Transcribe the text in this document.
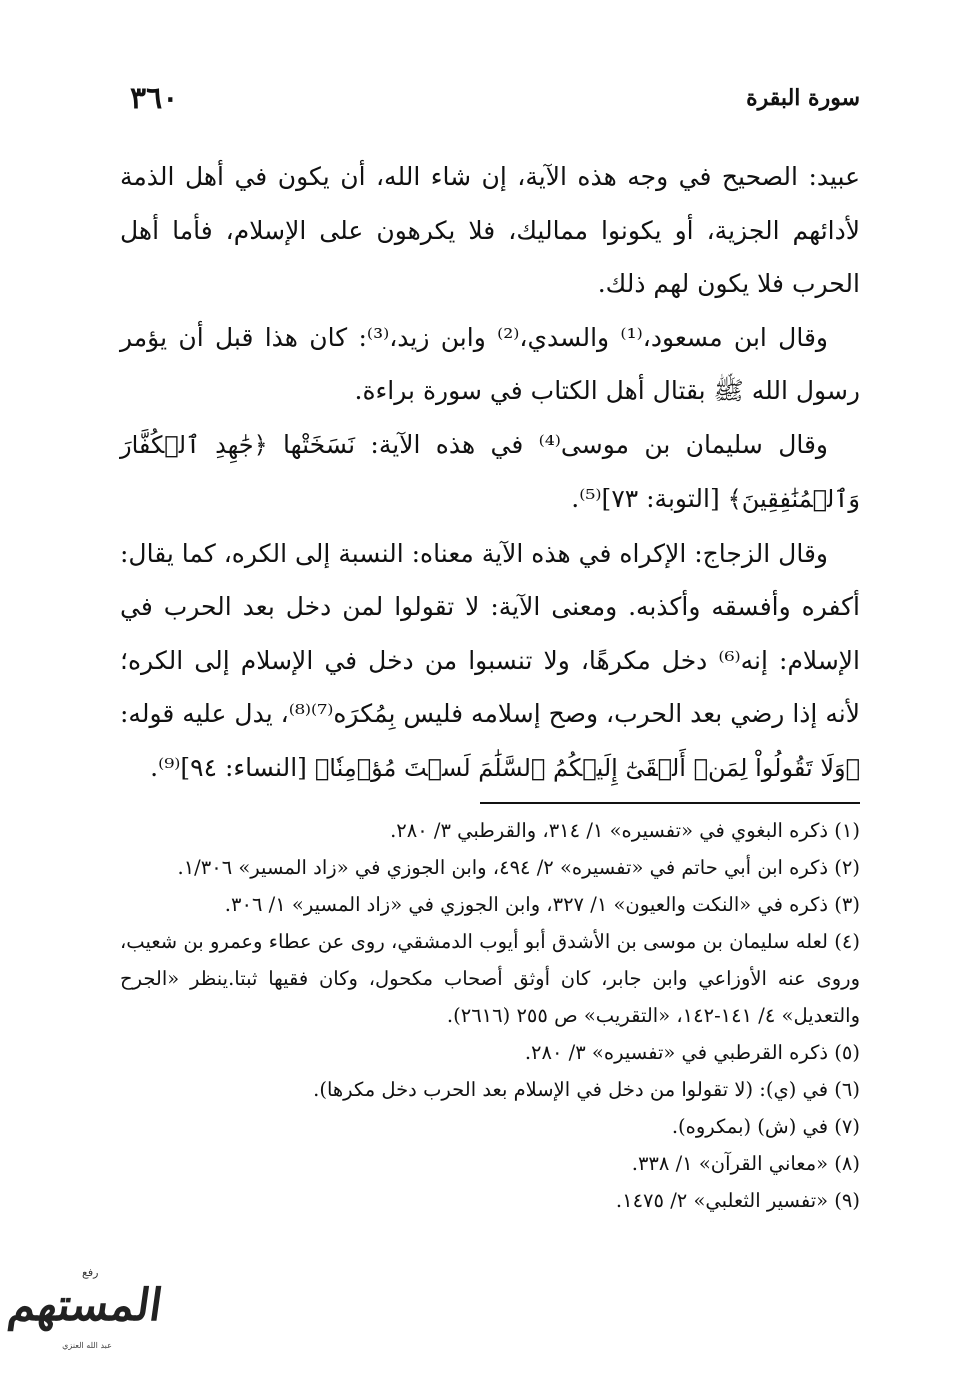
٣٦٠	سورة البقرة

عبيد: الصحيح في وجه هذه الآية، إن شاء الله، أن يكون في أهل الذمة لأدائهم الجزية، أو يكونوا مماليك، فلا يكرهون على الإسلام، فأما أهل الحرب فلا يكون لهم ذلك.

وقال ابن مسعود،⁽¹⁾ والسدي،⁽²⁾ وابن زيد،⁽³⁾: كان هذا قبل أن يؤمر رسول الله ﷺ بقتال أهل الكتاب في سورة براءة.

وقال سليمان بن موسى⁽⁴⁾ في هذه الآية: نَسَخَتْها ﴿جَٰهِدِ ٱلۡكُفَّارَ وَٱلۡمُنَٰفِقِينَ﴾ [التوبة: ٧٣]⁽⁵⁾.

وقال الزجاج: الإكراه في هذه الآية معناه: النسبة إلى الكره، كما يقال: أكفره وأفسقه وأكذبه. ومعنى الآية: لا تقولوا لمن دخل بعد الحرب في الإسلام: إنه⁽⁶⁾ دخل مكرهًا، ولا تنسبوا من دخل في الإسلام إلى الكره؛ لأنه إذا رضي بعد الحرب، وصح إسلامه فليس بِمُكرَه⁽⁷⁾⁽⁸⁾، يدل عليه قوله: ﴿وَلَا تَقُولُواْ لِمَنۡ أَلۡقَىٰٓ إِلَيۡكُمُ ٱلسَّلَٰمَ لَسۡتَ مُؤۡمِنٗا﴾ [النساء: ٩٤]⁽⁹⁾.

(١) ذكره البغوي في «تفسيره» ١/ ٣١٤، والقرطبي ٣/ ٢٨٠.

(٢) ذكره ابن أبي حاتم في «تفسيره» ٢/ ٤٩٤، وابن الجوزي في «زاد المسير» ١/٣٠٦.

(٣) ذكره في «النكت والعيون» ١/ ٣٢٧، وابن الجوزي في «زاد المسير» ١/ ٣٠٦.

(٤) لعله سليمان بن موسى بن الأشدق أبو أيوب الدمشقي، روى عن عطاء وعمرو بن شعيب، وروى عنه الأوزاعي وابن جابر، كان أوثق أصحاب مكحول، وكان فقيها ثبتا.ينظر «الجرح والتعديل» ٤/ ١٤١-١٤٢، «التقريب» ص ٢٥٥ (٢٦١٦).

(٥) ذكره القرطبي في «تفسيره» ٣/ ٢٨٠.

(٦) في (ي): (لا تقولوا من دخل في الإسلام بعد الحرب دخل مكرها).

(٧) في (ش) (بمكروه).

(٨) «معاني القرآن» ١/ ٣٣٨.

(٩) «تفسير الثعلبي» ٢/ ١٤٧٥.

رفع
المستهم
عبد الله العنزي
